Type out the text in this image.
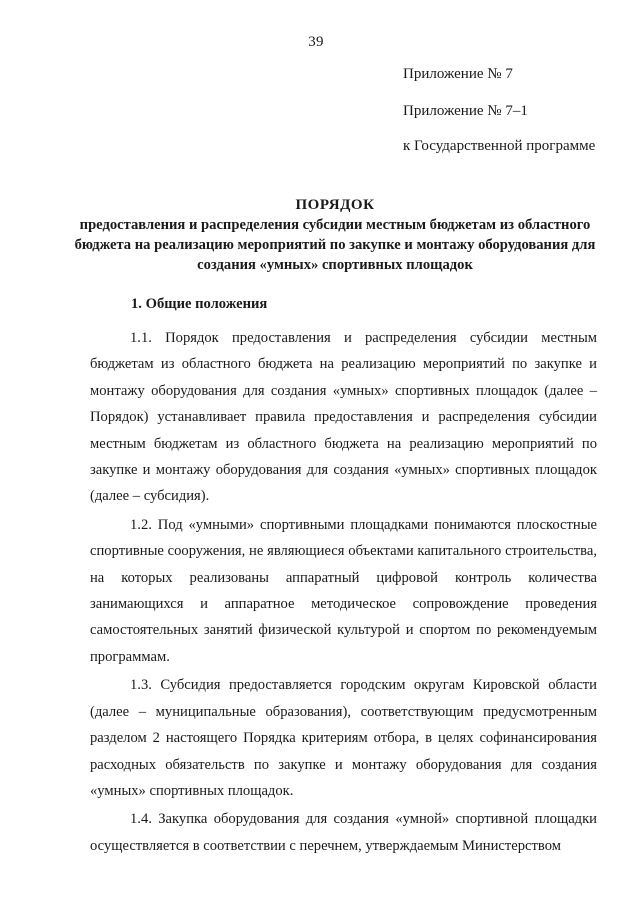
39
Приложение № 7
Приложение № 7–1
к Государственной программе
ПОРЯДОК
предоставления и распределения субсидии местным бюджетам из областного бюджета на реализацию мероприятий по закупке и монтажу оборудования для создания «умных» спортивных площадок
1. Общие положения

1.1. Порядок предоставления и распределения субсидии местным бюджетам из областного бюджета на реализацию мероприятий по закупке и монтажу оборудования для создания «умных» спортивных площадок (далее – Порядок) устанавливает правила предоставления и распределения субсидии местным бюджетам из областного бюджета на реализацию мероприятий по закупке и монтажу оборудования для создания «умных» спортивных площадок (далее – субсидия).

1.2. Под «умными» спортивными площадками понимаются плоскостные спортивные сооружения, не являющиеся объектами капитального строительства, на которых реализованы аппаратный цифровой контроль количества занимающихся и аппаратное методическое сопровождение проведения самостоятельных занятий физической культурой и спортом по рекомендуемым программам.

1.3. Субсидия предоставляется городским округам Кировской области (далее – муниципальные образования), соответствующим предусмотренным разделом 2 настоящего Порядка критериям отбора, в целях софинансирования расходных обязательств по закупке и монтажу оборудования для создания «умных» спортивных площадок.

1.4. Закупка оборудования для создания «умной» спортивной площадки осуществляется в соответствии с перечнем, утверждаемым Министерством
